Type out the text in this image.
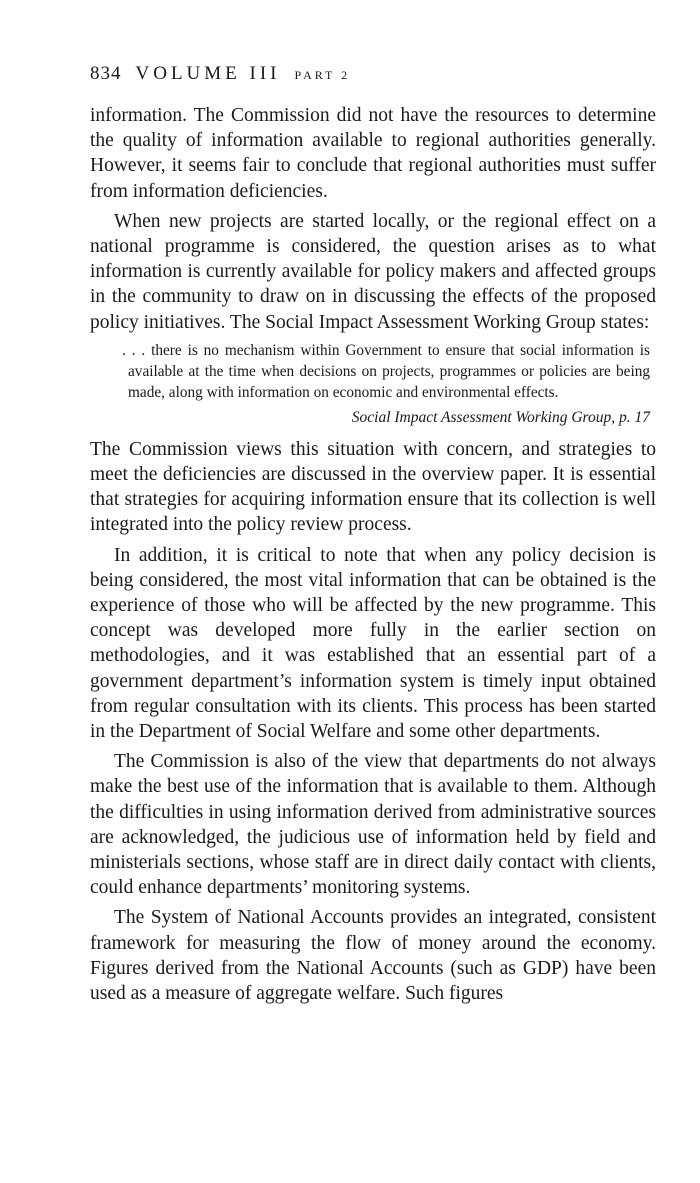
834 VOLUME III PART 2

information. The Commission did not have the resources to determine the quality of information available to regional authorities generally. However, it seems fair to conclude that regional authorities must suffer from information deficiencies.

When new projects are started locally, or the regional effect on a national programme is considered, the question arises as to what information is currently available for policy makers and affected groups in the community to draw on in discussing the effects of the proposed policy initiatives. The Social Impact Assessment Working Group states:

. . . there is no mechanism within Government to ensure that social information is available at the time when decisions on projects, programmes or policies are being made, along with information on economic and environmental effects.

Social Impact Assessment Working Group, p. 17

The Commission views this situation with concern, and strategies to meet the deficiencies are discussed in the overview paper. It is essential that strategies for acquiring information ensure that its collection is well integrated into the policy review process.

In addition, it is critical to note that when any policy decision is being considered, the most vital information that can be obtained is the experience of those who will be affected by the new programme. This concept was developed more fully in the earlier section on methodologies, and it was established that an essential part of a government department’s information system is timely input obtained from regular consultation with its clients. This process has been started in the Department of Social Welfare and some other departments.

The Commission is also of the view that departments do not always make the best use of the information that is available to them. Although the difficulties in using information derived from administrative sources are acknowledged, the judicious use of information held by field and ministerials sections, whose staff are in direct daily contact with clients, could enhance departments’ monitoring systems.

The System of National Accounts provides an integrated, consistent framework for measuring the flow of money around the economy. Figures derived from the National Accounts (such as GDP) have been used as a measure of aggregate welfare. Such figures
